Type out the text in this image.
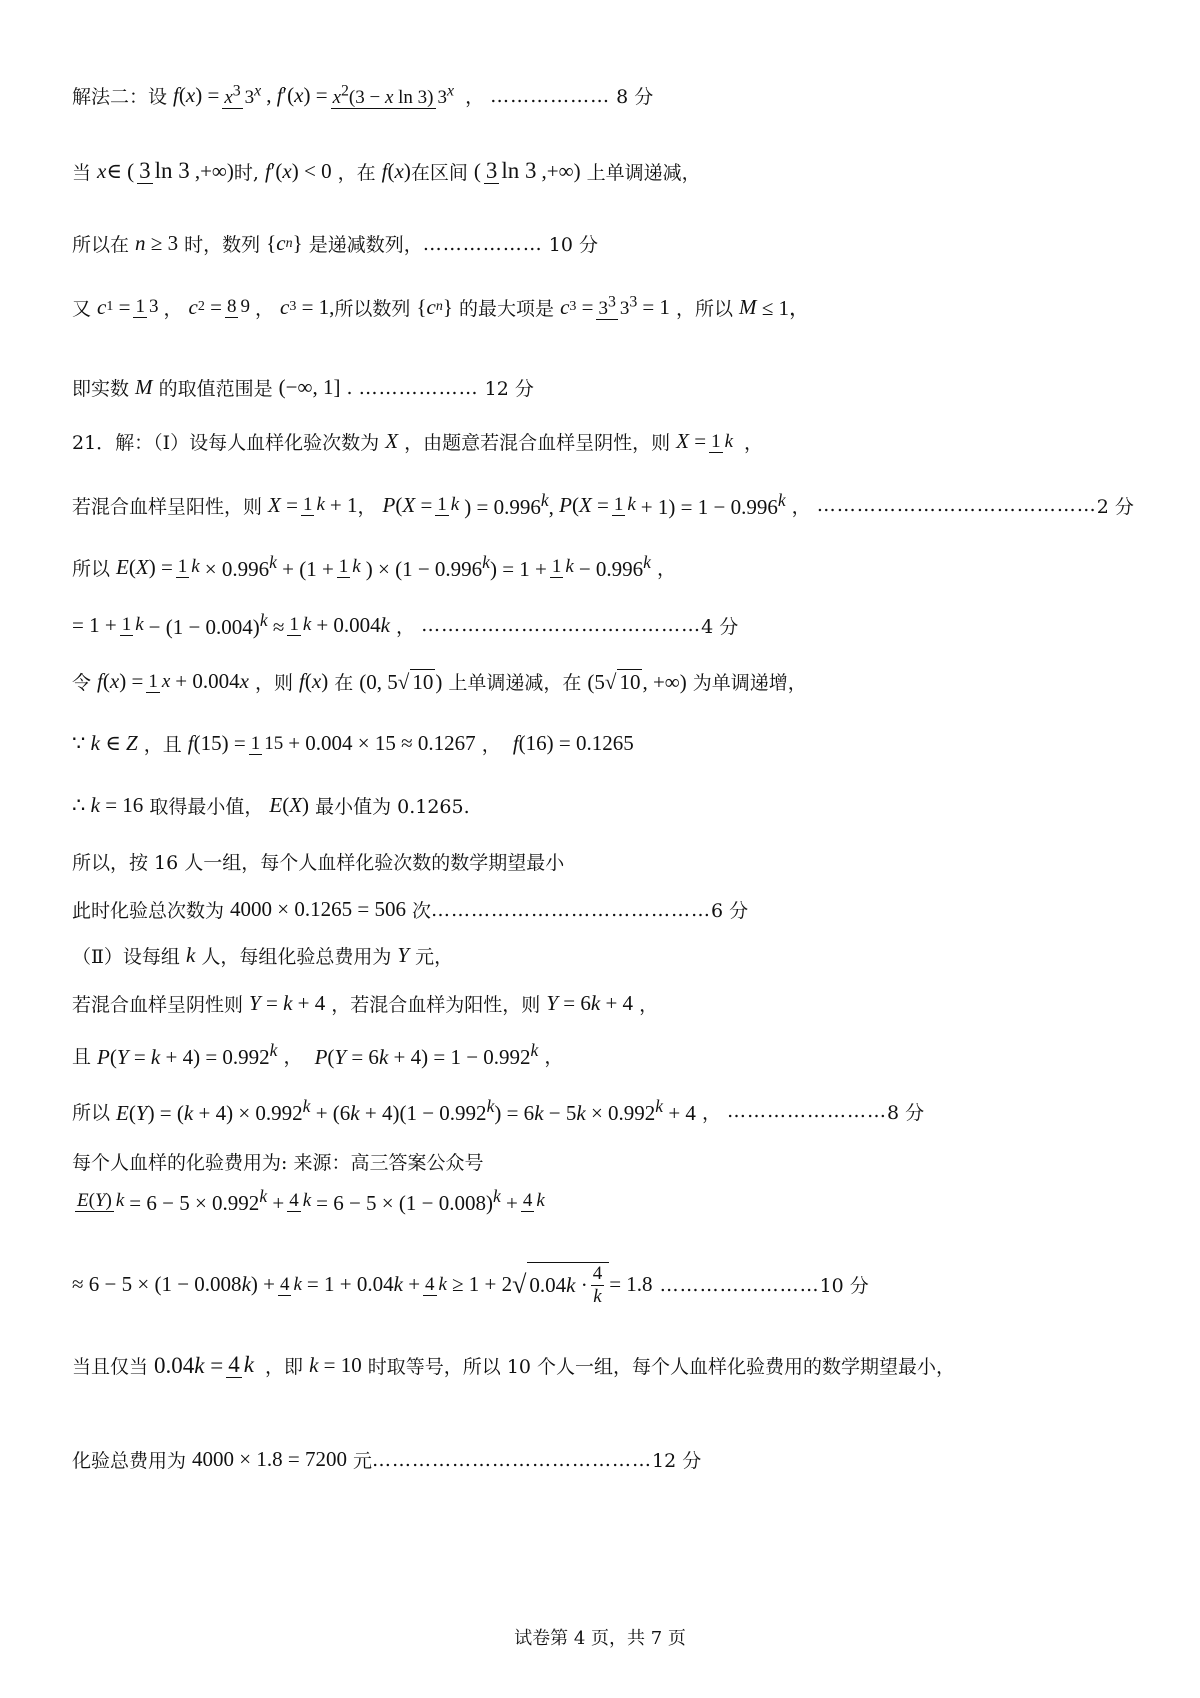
解法二：设 f ( x ) = $x^3$ 3$^x$ , f ′( x ) = $x^2(3 - x$ ln 3) 3$^x$ ， ……………… 8 分
当 x ∈ ( 3 ln 3 ,+∞) 时, f ′( x ) < 0 ，在 f ( x ) 在区间 ( 3 ln 3 ,+∞) 上单调递减，
所以在 n ≥ 3 时，数列 { c n } 是递减数列， ……………… 10 分
又 c 1 = 1 3 ， c 2 = 8 9 ， c 3 = 1, 所以数列 { c n } 的最大项是 c $3 = 3^3$ $3^3 = 1$ ，所以 M ≤ 1，
即实数 M 的取值范围是 (−∞, 1] . ……………… 12 分
21．解：（Ⅰ）设每人血样化验次数为 X ，由题意若混合血样呈阴性，则 X = 1 k ，
若混合血样呈阳性，则 X = 1 k + 1 ， P ( X = 1 k ) = $0.996^k$, P ( X = 1 $k + 1) = 1 - 0.996^k$ ， …………………………………… 2 分
所以 E ( X ) = 1 $k \times 0.996^k + (1 + 1$ k ) × $(1 - 0.996^k) = 1 + 1$ $k - 0.996^k$ ，
= 1 + 1 $k - (1 - 0.004)^k \approx 1$ k + 0.004k ， …………………………………… 4 分
令 f ( x ) = 1 x + 0.004x ，则 f ( x ) 在 (0, 5√ 10) 上单调递减，在 (5√ 10, +∞) 为单调递增，
∵ k ∈ Z ，且 f (15) = 1 15 + 0.004 × 15 ≈ 0.1267 ， f(16) = 0.1265
∴ k = 16 取得最小值， E(X) 最小值为 0.1265.
所以，按 16 人一组，每个人血样化验次数的数学期望最小
此时化验总次数为 4000 × 0.1265 = 506 次 …………………………………… 6 分
（Ⅱ）设每组 k 人，每组化验总费用为 Y 元，
若混合血样呈阴性则 Y = k + 4 ，若混合血样为阳性，则 Y = 6k + 4 ，
且 $P(Y = k + 4) = 0.992^k$ ， $P(Y = 6k + 4) = 1 - 0.992^k$ ，
所以 $E(Y) = (k + 4) \times 0.992^k + (6k + 4)(1 - 0.992^k) = 6k - 5k \times 0.992^k + 4$ ， …………………… 8 分
每个人血样的化验费用为: 来源：高三答案公众号
E(Y) $k = 6 - 5 \times 0.992^k + 4$ $k = 6 - 5 \times (1 - 0.008)^k + 4$ k
≈ 6 − 5 × (1 − 0.008k) + 4 k = 1 + 0.04k + 4 k ≥ 1 + 2 √ $0.04k \cdot \frac{4}{k} = 1.8$ …………………… 10 分
当且仅当 0.04k = 4 k ，即 k = 10 时取等号，所以 10 个人一组，每个人血样化验费用的数学期望最小，
化验总费用为 4000 × 1.8 = 7200 元 …………………………………… 12 分
试卷第 4 页，共 7 页
